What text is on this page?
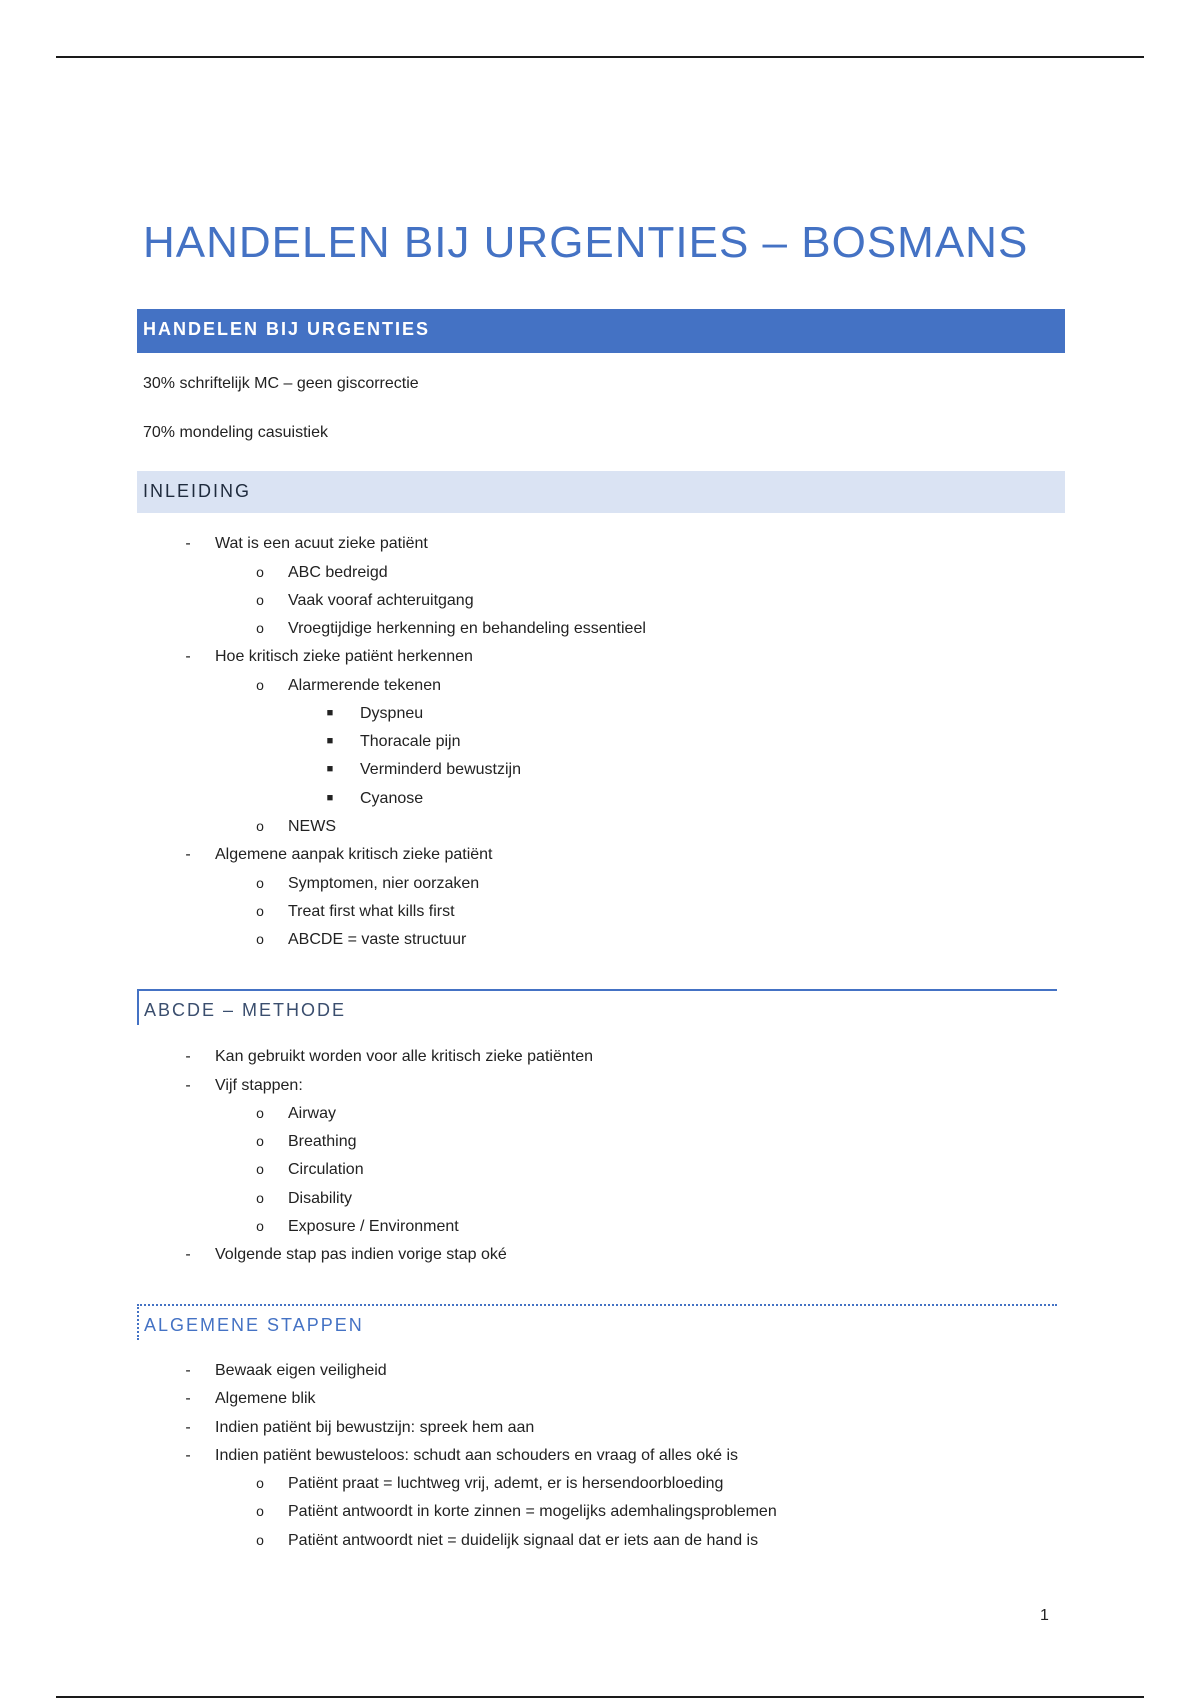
HANDELEN BIJ URGENTIES – BOSMANS
HANDELEN BIJ URGENTIES
30% schriftelijk MC – geen giscorrectie
70% mondeling casuistiek
INLEIDING
-	Wat is een acuut zieke patiënt
o	ABC bedreigd
o	Vaak vooraf achteruitgang
o	Vroegtijdige herkenning en behandeling essentieel
-	Hoe kritisch zieke patiënt herkennen
o	Alarmerende tekenen
■	Dyspneu
■	Thoracale pijn
■	Verminderd bewustzijn
■	Cyanose
o	NEWS
-	Algemene aanpak kritisch zieke patiënt
o	Symptomen, nier oorzaken
o	Treat first what kills first
o	ABCDE = vaste structuur
ABCDE – METHODE
-	Kan gebruikt worden voor alle kritisch zieke patiënten
-	Vijf stappen:
o	Airway
o	Breathing
o	Circulation
o	Disability
o	Exposure / Environment
-	Volgende stap pas indien vorige stap oké
ALGEMENE STAPPEN
-	Bewaak eigen veiligheid
-	Algemene blik
-	Indien patiënt bij bewustzijn: spreek hem aan
-	Indien patiënt bewusteloos: schudt aan schouders en vraag of alles oké is
o	Patiënt praat = luchtweg vrij, ademt, er is hersendoorbloeding
o	Patiënt antwoordt in korte zinnen = mogelijks ademhalingsproblemen
o	Patiënt antwoordt niet = duidelijk signaal dat er iets aan de hand is
1
